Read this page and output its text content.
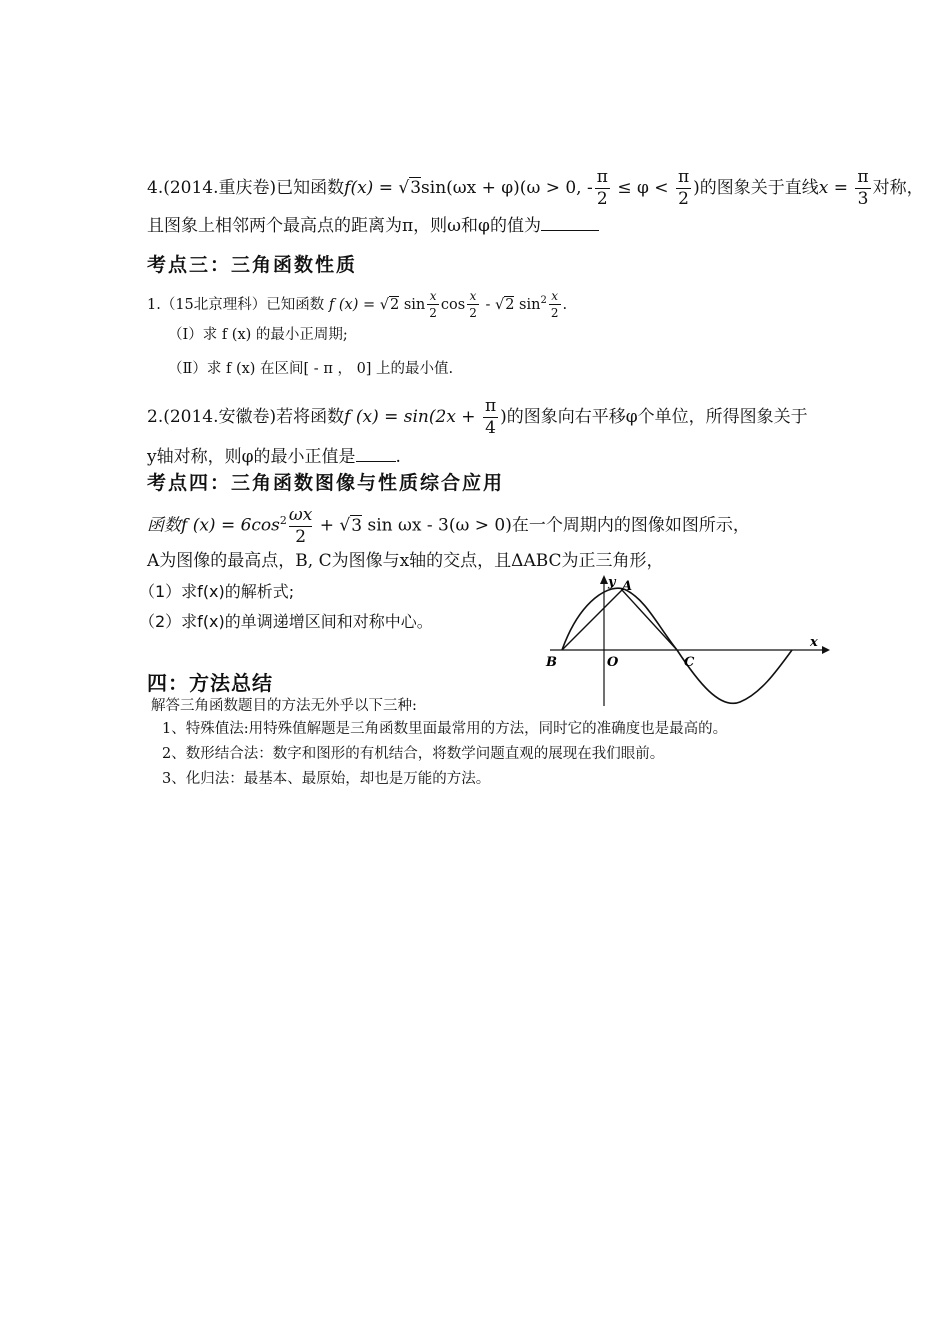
4.(2014.重庆卷)已知函数f(x) = √3sin(ωx + φ)(ω > 0, - $\frac{\pi}{2} \le \varphi < \frac{\pi}{2}$ )的图象关于直线$x = \frac{\pi}{3}$ 对称，
且图象上相邻两个最高点的距离为π，则ω和φ的值为
考点三：三角函数性质
1.（15北京理科）已知函数 f (x) = √2 $\sin \frac{x}{2}$ $\cos \frac{x}{2} - √2$ $\sin^2 \frac{x}{2}$ .
（Ⅰ）求 f (x) 的最小正周期;
（Ⅱ）求 f (x) 在区间[ - π ， 0] 上的最小值.
2.(2014.安徽卷)若将函数f $(x) = \sin(2x + \frac{\pi}{4}$ )的图象向右平移φ个单位，所得图象关于
y轴对称，则φ的最小正值是 .
考点四：三角函数图像与性质综合应用
函数f $(x) = 6\cos^2 \frac{\omega x}{2} + √3$ sin ωx - 3(ω > 0)在一个周期内的图像如图所示，
A为图像的最高点，B, C为图像与x轴的交点，且ΔABC为正三角形，
（1）求f(x)的解析式;
（2）求f(x)的单调递增区间和对称中心。
y
x
A
B	O	C
四：方法总结
解答三角函数题目的方法无外乎以下三种:
1、特殊值法:用特殊值解题是三角函数里面最常用的方法，同时它的准确度也是最高的。
2、数形结合法：数字和图形的有机结合，将数学问题直观的展现在我们眼前。
3、化归法：最基本、最原始，却也是万能的方法。
